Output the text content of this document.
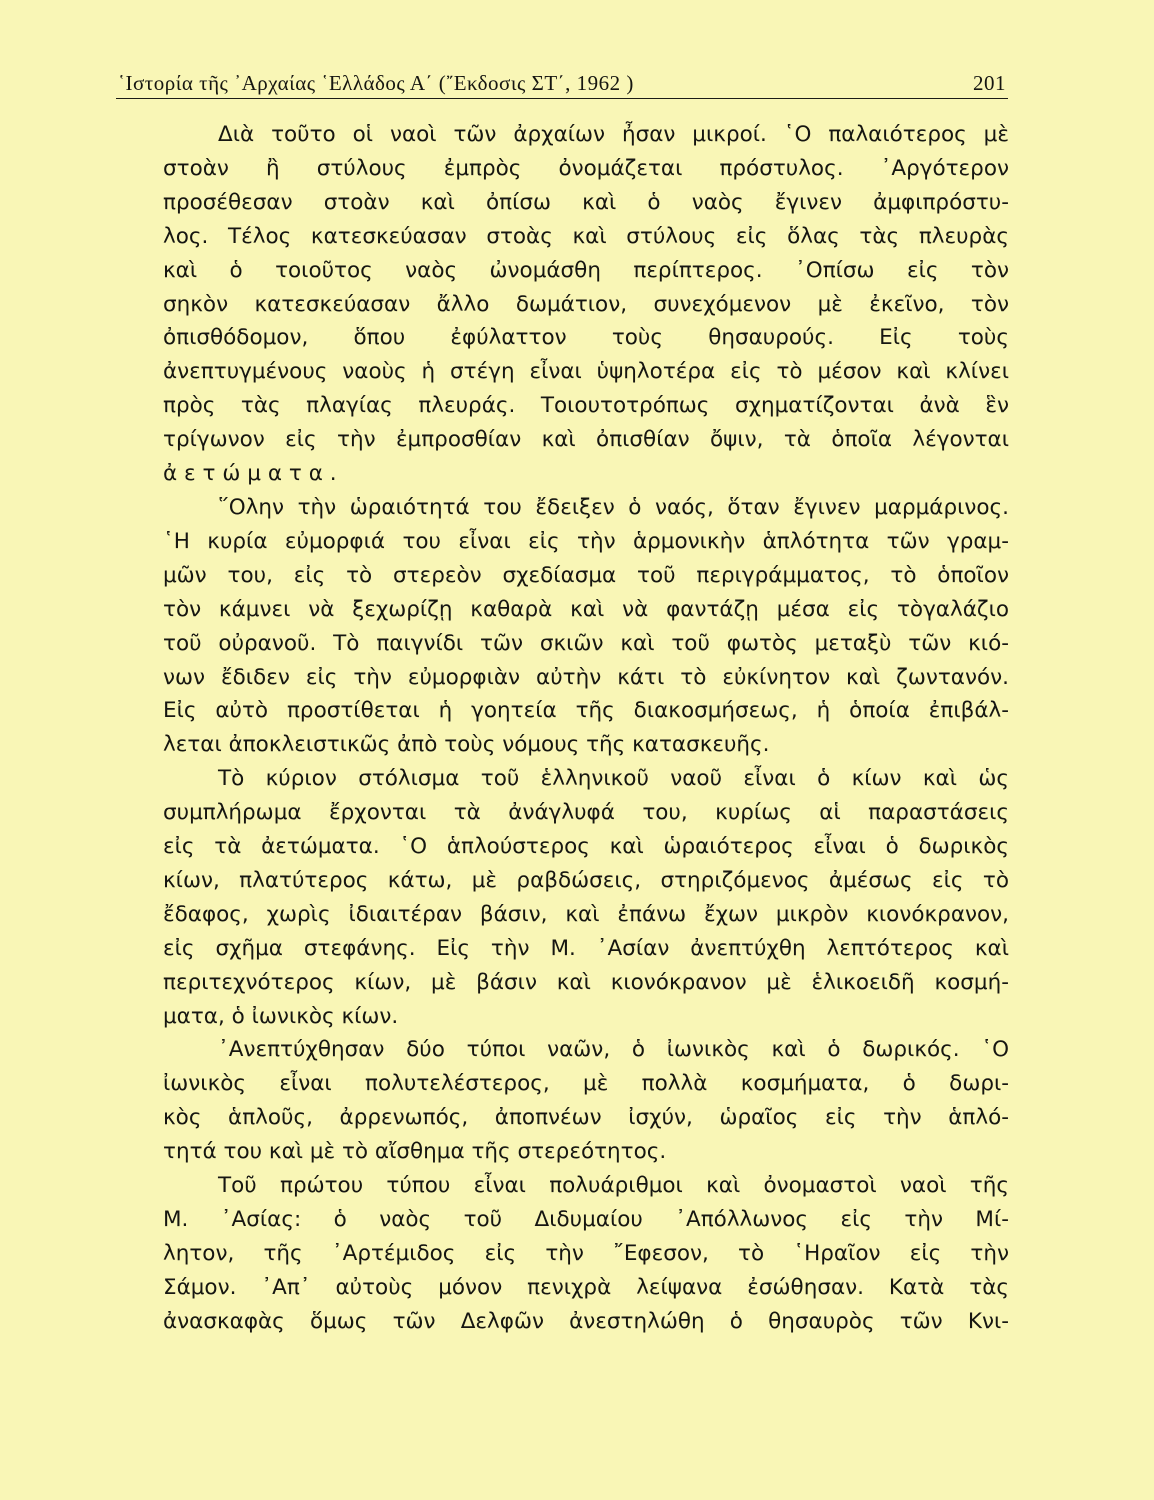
῾Ιστορία τῆς ᾿Αρχαίας ῾Ελλάδος Α΄ (῎Εκδοσις ΣΤ΄, 1962 )	201

Διὰ τοῦτο οἱ ναοὶ τῶν ἀρχαίων ἦσαν μικροί. ῾Ο παλαιότερος μὲ

στοὰν ἢ στύλους ἐμπρὸς ὀνομάζεται πρόστυλος. ᾿Αργότερον

προσέθεσαν στοὰν καὶ ὀπίσω καὶ ὁ ναὸς ἔγινεν ἀμφιπρόστυ-

λος. Τέλος κατεσκεύασαν στοὰς καὶ στύλους εἰς ὅλας τὰς πλευρὰς

καὶ ὁ τοιοῦτος ναὸς ὠνομάσθη περίπτερος. ᾿Οπίσω εἰς τὸν

σηκὸν κατεσκεύασαν ἄλλο δωμάτιον, συνεχόμενον μὲ ἐκεῖνο, τὸν

ὀπισθόδομον, ὅπου ἐφύλαττον τοὺς θησαυρούς. Εἰς τοὺς

ἀνεπτυγμένους ναοὺς ἡ στέγη εἶναι ὑψηλοτέρα εἰς τὸ μέσον καὶ κλίνει

πρὸς τὰς πλαγίας πλευράς. Τοιουτοτρόπως σχηματίζονται ἀνὰ ἓν

τρίγωνον εἰς τὴν ἐμπροσθίαν καὶ ὀπισθίαν ὄψιν, τὰ ὁποῖα λέγονται

ἀετώματα.

῞Ολην τὴν ὡραιότητά του ἔδειξεν ὁ ναός, ὅταν ἔγινεν μαρμάρινος.

῾Η κυρία εὐμορφιά του εἶναι εἰς τὴν ἁρμονικὴν ἁπλότητα τῶν γραμ-

μῶν του, εἰς τὸ στερεὸν σχεδίασμα τοῦ περιγράμματος, τὸ ὁποῖον

τὸν κάμνει νὰ ξεχωρίζῃ καθαρὰ καὶ νὰ φαντάζῃ μέσα εἰς τὸγαλάζιο

τοῦ οὐρανοῦ. Τὸ παιγνίδι τῶν σκιῶν καὶ τοῦ φωτὸς μεταξὺ τῶν κιό-

νων ἔδιδεν εἰς τὴν εὐμορφιὰν αὐτὴν κάτι τὸ εὐκίνητον καὶ ζωντανόν.

Εἰς αὐτὸ προστίθεται ἡ γοητεία τῆς διακοσμήσεως, ἡ ὁποία ἐπιβάλ-

λεται ἀποκλειστικῶς ἀπὸ τοὺς νόμους τῆς κατασκευῆς.

Τὸ κύριον στόλισμα τοῦ ἑλληνικοῦ ναοῦ εἶναι ὁ κίων καὶ ὡς

συμπλήρωμα ἔρχονται τὰ ἀνάγλυφά του, κυρίως αἱ παραστάσεις

εἰς τὰ ἀετώματα. ῾Ο ἁπλούστερος καὶ ὡραιότερος εἶναι ὁ δωρικὸς

κίων, πλατύτερος κάτω, μὲ ραβδώσεις, στηριζόμενος ἀμέσως εἰς τὸ

ἔδαφος, χωρὶς ἰδιαιτέραν βάσιν, καὶ ἐπάνω ἔχων μικρὸν κιονόκρανον,

εἰς σχῆμα στεφάνης. Εἰς τὴν Μ. ᾿Ασίαν ἀνεπτύχθη λεπτότερος καὶ

περιτεχνότερος κίων, μὲ βάσιν καὶ κιονόκρανον μὲ ἑλικοειδῆ κοσμή-

ματα, ὁ ἰωνικὸς κίων.

᾿Ανεπτύχθησαν δύο τύποι ναῶν, ὁ ἰωνικὸς καὶ ὁ δωρικός. ῾Ο

ἰωνικὸς εἶναι πολυτελέστερος, μὲ πολλὰ κοσμήματα, ὁ δωρι-

κὸς ἁπλοῦς, ἀρρενωπός, ἀποπνέων ἰσχύν, ὡραῖος εἰς τὴν ἁπλό-

τητά του καὶ μὲ τὸ αἴσθημα τῆς στερεότητος.

Τοῦ πρώτου τύπου εἶναι πολυάριθμοι καὶ ὀνομαστοὶ ναοὶ τῆς

Μ. ᾿Ασίας: ὁ ναὸς τοῦ Διδυμαίου ᾿Απόλλωνος εἰς τὴν Μί-

λητον, τῆς ᾿Αρτέμιδος εἰς τὴν ῎Εφεσον, τὸ ῾Ηραῖον εἰς τὴν

Σάμον. ᾿Απ᾿ αὐτοὺς μόνον πενιχρὰ λείψανα ἐσώθησαν. Κατὰ τὰς

ἀνασκαφὰς ὅμως τῶν Δελφῶν ἀνεστηλώθη ὁ θησαυρὸς τῶν Κνι-
